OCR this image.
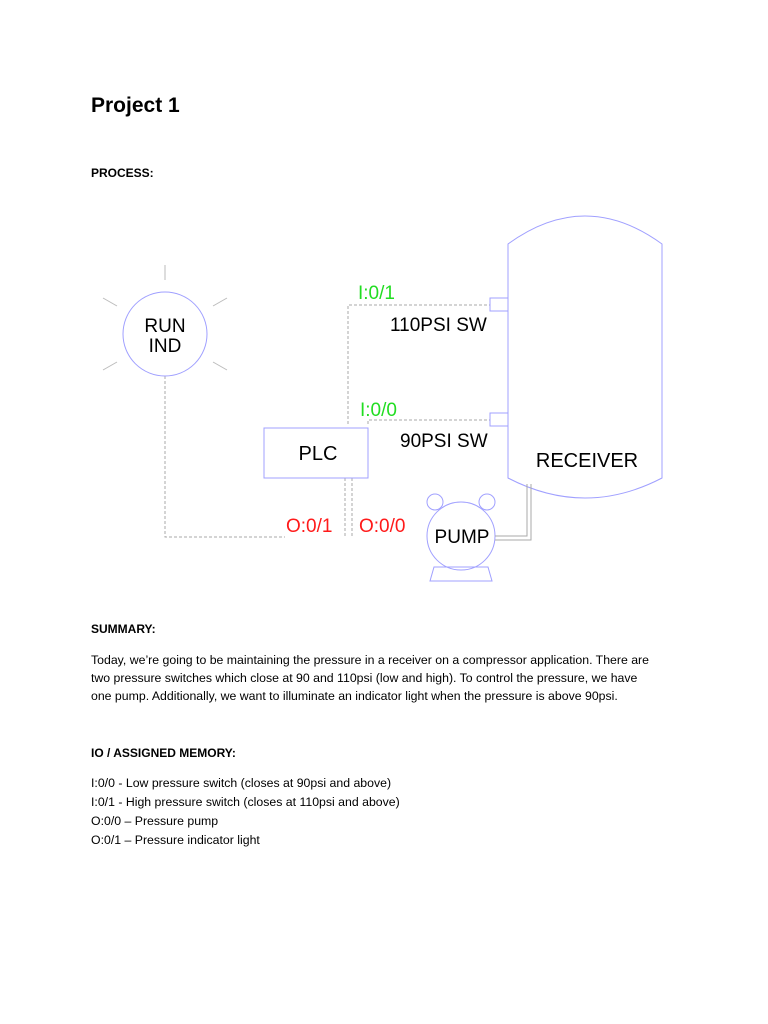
Project 1
PROCESS:
RUN
IND
PLC	RECEIVER
110PSI SW
90PSI SW
I:0/1
I:0/0
O:0/1 O:0/0
PUMP
SUMMARY:

Today, we’re going to be maintaining the pressure in a receiver on a compressor application. There are

two pressure switches which close at 90 and 110psi (low and high). To control the pressure, we have

one pump. Additionally, we want to illuminate an indicator light when the pressure is above 90psi.

IO / ASSIGNED MEMORY:
I:0/0 - Low pressure switch (closes at 90psi and above)
I:0/1 - High pressure switch (closes at 110psi and above)
O:0/0 – Pressure pump
O:0/1 – Pressure indicator light
